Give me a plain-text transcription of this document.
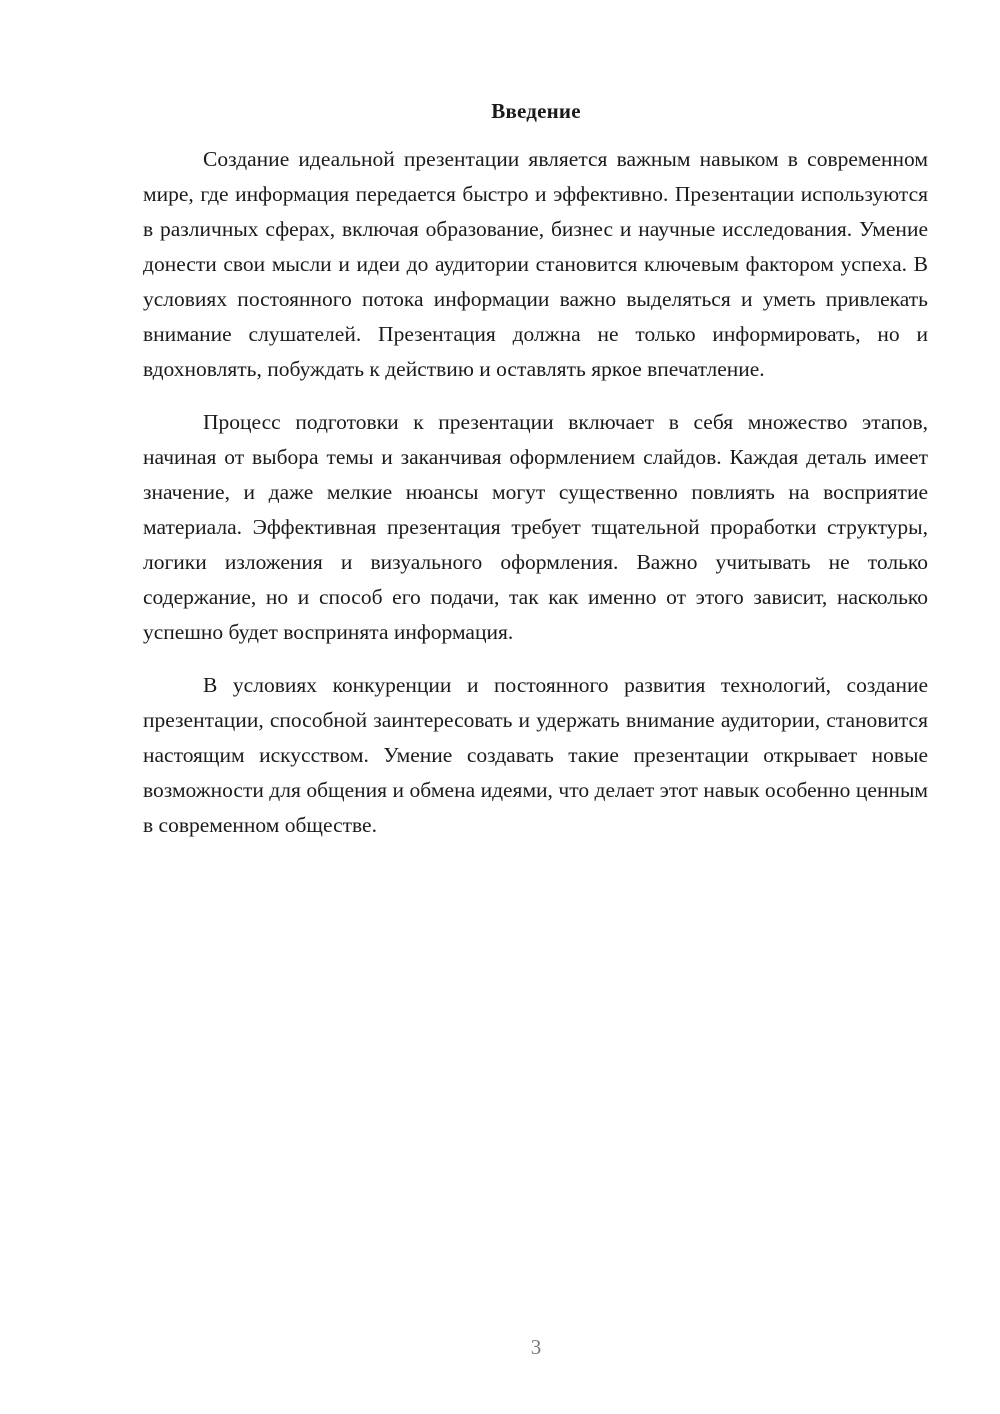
Введение

Создание идеальной презентации является важным навыком в современном мире, где информация передается быстро и эффективно. Презентации используются в различных сферах, включая образование, бизнес и научные исследования. Умение донести свои мысли и идеи до аудитории становится ключевым фактором успеха. В условиях постоянного потока информации важно выделяться и уметь привлекать внимание слушателей. Презентация должна не только информировать, но и вдохновлять, побуждать к действию и оставлять яркое впечатление.

Процесс подготовки к презентации включает в себя множество этапов, начиная от выбора темы и заканчивая оформлением слайдов. Каждая деталь имеет значение, и даже мелкие нюансы могут существенно повлиять на восприятие материала. Эффективная презентация требует тщательной проработки структуры, логики изложения и визуального оформления. Важно учитывать не только содержание, но и способ его подачи, так как именно от этого зависит, насколько успешно будет воспринята информация.

В условиях конкуренции и постоянного развития технологий, создание презентации, способной заинтересовать и удержать внимание аудитории, становится настоящим искусством. Умение создавать такие презентации открывает новые возможности для общения и обмена идеями, что делает этот навык особенно ценным в современном обществе.

3
